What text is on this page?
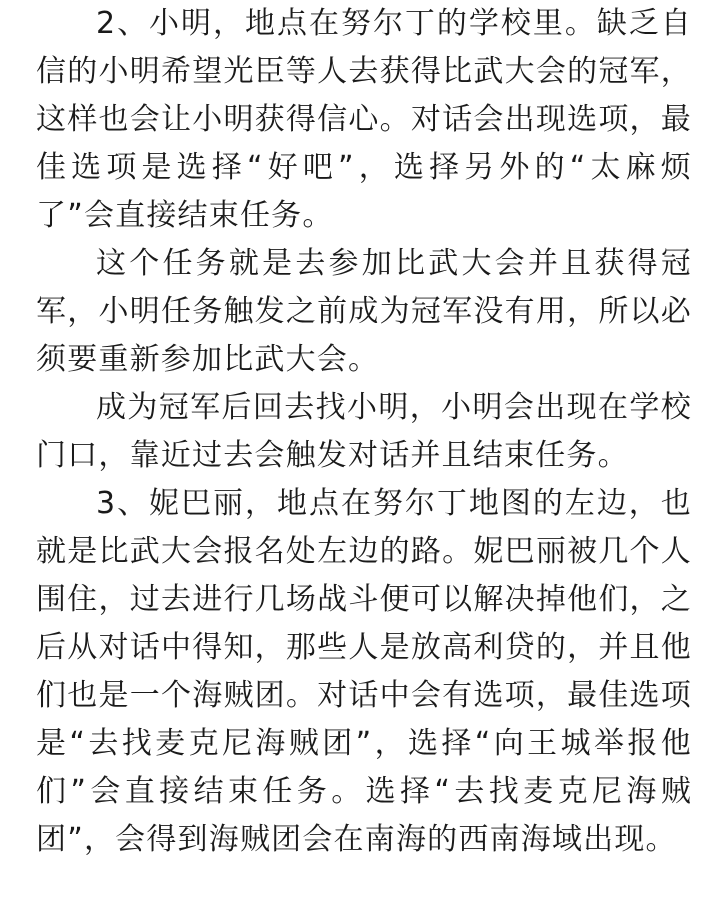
2、小明，地点在努尔丁的学校里。缺乏自信的小明希望光臣等人去获得比武大会的冠军，这样也会让小明获得信心。对话会出现选项，最佳选项是选择“好吧”，选择另外的“太麻烦了”会直接结束任务。

这个任务就是去参加比武大会并且获得冠军，小明任务触发之前成为冠军没有用，所以必须要重新参加比武大会。

成为冠军后回去找小明，小明会出现在学校门口，靠近过去会触发对话并且结束任务。

3、妮巴丽，地点在努尔丁地图的左边，也就是比武大会报名处左边的路。妮巴丽被几个人围住，过去进行几场战斗便可以解决掉他们，之后从对话中得知，那些人是放高利贷的，并且他们也是一个海贼团。对话中会有选项，最佳选项是“去找麦克尼海贼团”，选择“向王城举报他们”会直接结束任务。选择“去找麦克尼海贼团”，会得到海贼团会在南海的西南海域出现。
